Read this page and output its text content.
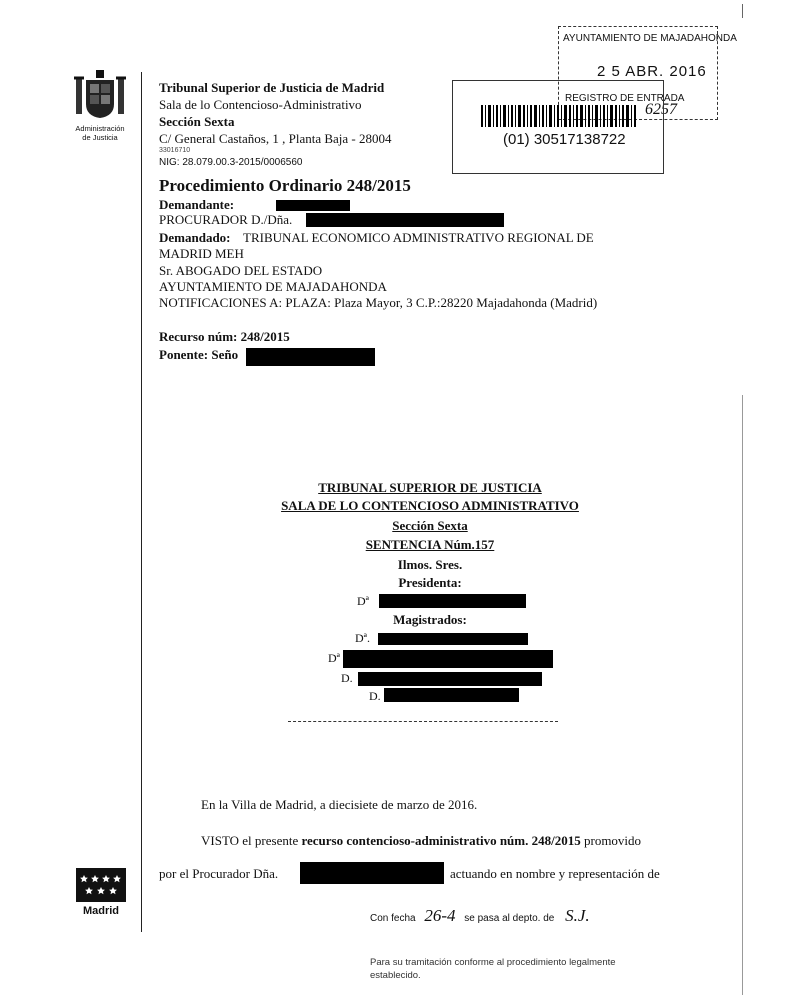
Administración
de Justicia
Tribunal Superior de Justicia de Madrid
Sala de lo Contencioso-Administrativo
Sección Sexta
C/ General Castaños, 1 , Planta Baja - 28004
33016710
NIG: 28.079.00.3-2015/0006560
AYUNTAMIENTO DE MAJADAHONDA
2 5 ABR. 2016
REGISTRO DE ENTRADA
6257
(01) 30517138722
Procedimiento Ordinario 248/2015
Demandante:
PROCURADOR D./Dña.
Demandado: TRIBUNAL ECONOMICO ADMINISTRATIVO REGIONAL DE
MADRID MEH
Sr. ABOGADO DEL ESTADO
AYUNTAMIENTO DE MAJADAHONDA
NOTIFICACIONES A: PLAZA: Plaza Mayor, 3 C.P.:28220 Majadahonda (Madrid)
Recurso núm: 248/2015
Ponente: Seño
TRIBUNAL SUPERIOR DE JUSTICIA
SALA DE LO CONTENCIOSO ADMINISTRATIVO
Sección Sexta
SENTENCIA Núm.157
Ilmos. Sres.
Presidenta:
Dª
Magistrados:
Dª.
Dª
D.
D.
En la Villa de Madrid, a diecisiete de marzo de 2016.
VISTO el presente recurso contencioso-administrativo núm. 248/2015 promovido
por el Procurador Dña.	actuando en nombre y representación de
Madrid
Con fecha 26-4 se pasa al depto. de S.J.
Para su tramitación conforme al procedimiento legalmente
establecido.
